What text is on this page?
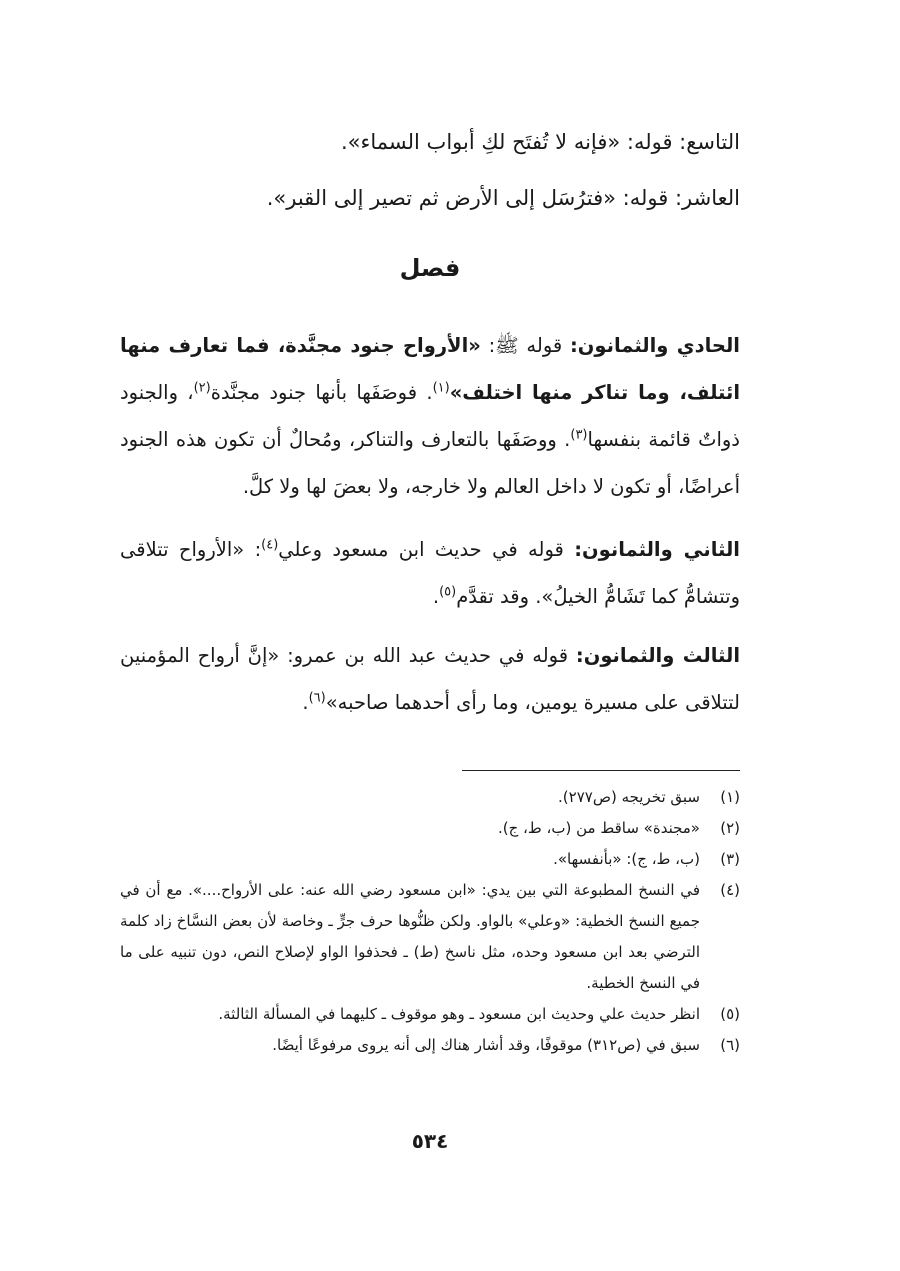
التاسع: قوله: «فإنه لا تُفتَح لكِ أبواب السماء».
العاشر: قوله: «فترُسَل إلى الأرض ثم تصير إلى القبر».
فصل

الحادي والثمانون: قوله ﷺ: «الأرواح جنود مجنَّدة، فما تعارف منها ائتلف، وما تناكر منها اختلف»$^{(١)}$. فوصَفَها بأنها جنود مجنَّدة$^{(٢)}$، والجنود ذواتٌ قائمة بنفسها$^{(٣)}$. ووصَفَها بالتعارف والتناكر، ومُحالٌ أن تكون هذه الجنود أعراضًا، أو تكون لا داخل العالم ولا خارجه، ولا بعضَ لها ولا كلَّ.

الثاني والثمانون: قوله في حديث ابن مسعود وعلي$^{(٤)}$: «الأرواح تتلاقى وتتشامُّ كما تَشَامُّ الخيلُ». وقد تقدَّم$^{(٥)}$.

الثالث والثمانون: قوله في حديث عبد الله بن عمرو: «إنَّ أرواح المؤمنين لتتلاقى على مسيرة يومين، وما رأى أحدهما صاحبه»$^{(٦)}$.

(١)
سبق تخريجه (ص٢٧٧).
(٢)
«مجندة» ساقط من (ب، ط، ج).
(٣)
(ب، ط، ج): «بأنفسها».
(٤)
في النسخ المطبوعة التي بين يدي: «ابن مسعود رضي الله عنه: على الأرواح....». مع أن في جميع النسخ الخطية: «وعلي» بالواو. ولكن ظنُّوها حرف جرٍّ ـ وخاصة لأن بعض النسَّاخ زاد كلمة الترضي بعد ابن مسعود وحده، مثل ناسخ (ط) ـ فحذفوا الواو لإصلاح النص، دون تنبيه على ما في النسخ الخطية.
(٥)
انظر حديث علي وحديث ابن مسعود ـ وهو موقوف ـ كليهما في المسألة الثالثة.
(٦)
سبق في (ص٣١٢) موقوفًا، وقد أشار هناك إلى أنه يروى مرفوعًا أيضًا.
٥٣٤
